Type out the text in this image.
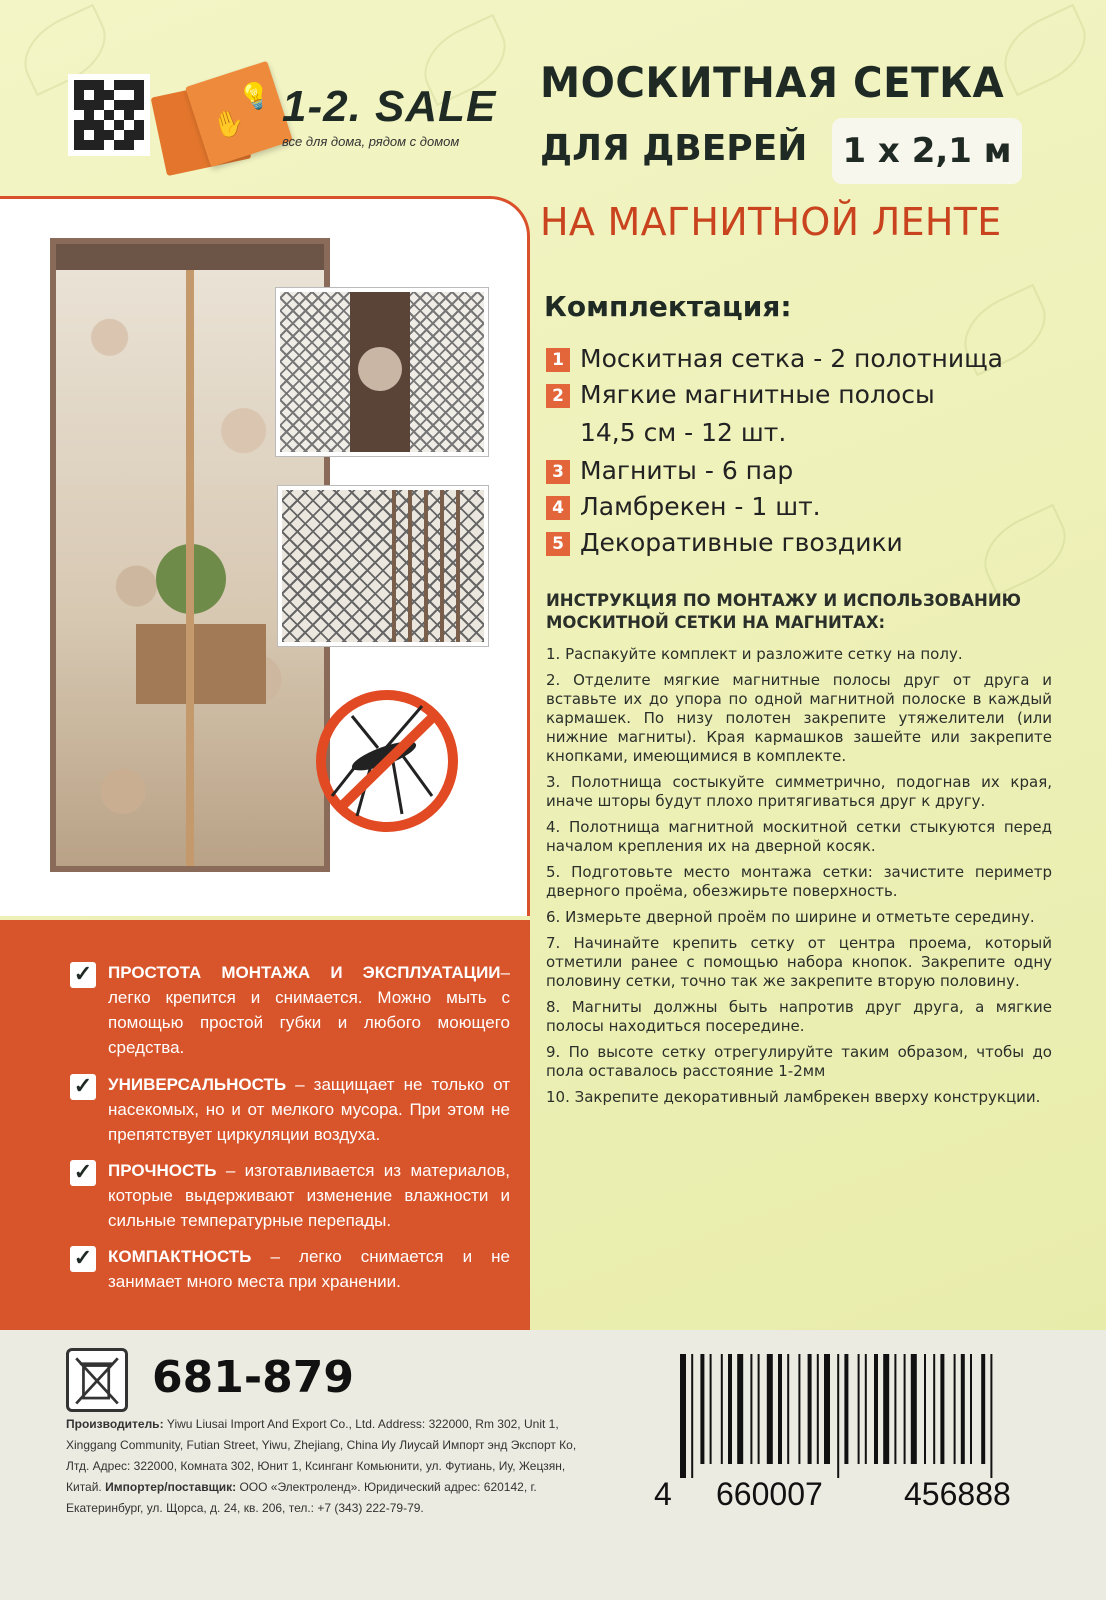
✋
💡 1-2. SALE
все для дома, рядом с домом
МОСКИТНАЯ СЕТКА
ДЛЯ ДВЕРЕЙ	1 x 2,1 м
НА МАГНИТНОЙ ЛЕНТЕ
✓ ПРОСТОТА МОНТАЖА И ЭКСПЛУАТАЦИИ– легко крепится и снимается. Можно мыть с помощью простой губки и любого моющего средства.
✓ УНИВЕРСАЛЬНОСТЬ – защищает не только от насекомых, но и от мелкого мусора. При этом не препятствует циркуляции воздуха.
✓ ПРОЧНОСТЬ – изготавливается из материалов, которые выдерживают изменение влажности и сильные температурные перепады.
✓ КОМПАКТНОСТЬ – легко снимается и не занимает много места при хранении.
Комплектация:
1 Москитная сетка - 2 полотнища
2 Мягкие магнитные полосы
14,5 см - 12 шт.
3 Магниты - 6 пар
4 Ламбрекен - 1 шт.
5 Декоративные гвоздики
ИНСТРУКЦИЯ ПО МОНТАЖУ И ИСПОЛЬЗОВАНИЮ МОСКИТНОЙ СЕТКИ НА МАГНИТАХ:

1. Распакуйте комплект и разложите сетку на полу.

2. Отделите мягкие магнитные полосы друг от друга и вставьте их до упора по одной магнитной полоске в каждый кармашек. По низу полотен закрепите утяжелители (или нижние магниты). Края кармашков зашейте или закрепите кнопками, имеющимися в комплекте.

3. Полотнища состыкуйте симметрично, подогнав их края, иначе шторы будут плохо притягиваться друг к другу.

4. Полотнища магнитной москитной сетки стыкуются перед началом крепления их на дверной косяк.

5. Подготовьте место монтажа сетки: зачистите периметр дверного проёма, обезжирьте поверхность.

6. Измерьте дверной проём по ширине и отметьте середину.

7. Начинайте крепить сетку от центра проема, который отметили ранее с помощью набора кнопок. Закрепите одну половину сетки, точно так же закрепите вторую половину.

8. Магниты должны быть напротив друг друга, а мягкие полосы находиться посередине.

9. По высоте сетку отрегулируйте таким образом, чтобы до пола оставалось расстояние 1-2мм

10. Закрепите декоративный ламбрекен вверху конструкции.

681-879
Производитель: Yiwu Liusai Import And Export Co., Ltd. Address: 322000, Rm 302, Unit 1, Xinggang Community, Futian Street, Yiwu, Zhejiang, China Иу Лиусай Импорт энд Экспорт Ко, Лтд. Адрес: 322000, Комната 302, Юнит 1, Ксинганг Комьюнити, ул. Футиань, Иу, Жецзян, Китай. Импортер/поставщик: ООО «Электроленд». Юридический адрес: 620142, г. Екатеринбург, ул. Щорса, д. 24, кв. 206, тел.: +7 (343) 222-79-79.	4 660007	456888
